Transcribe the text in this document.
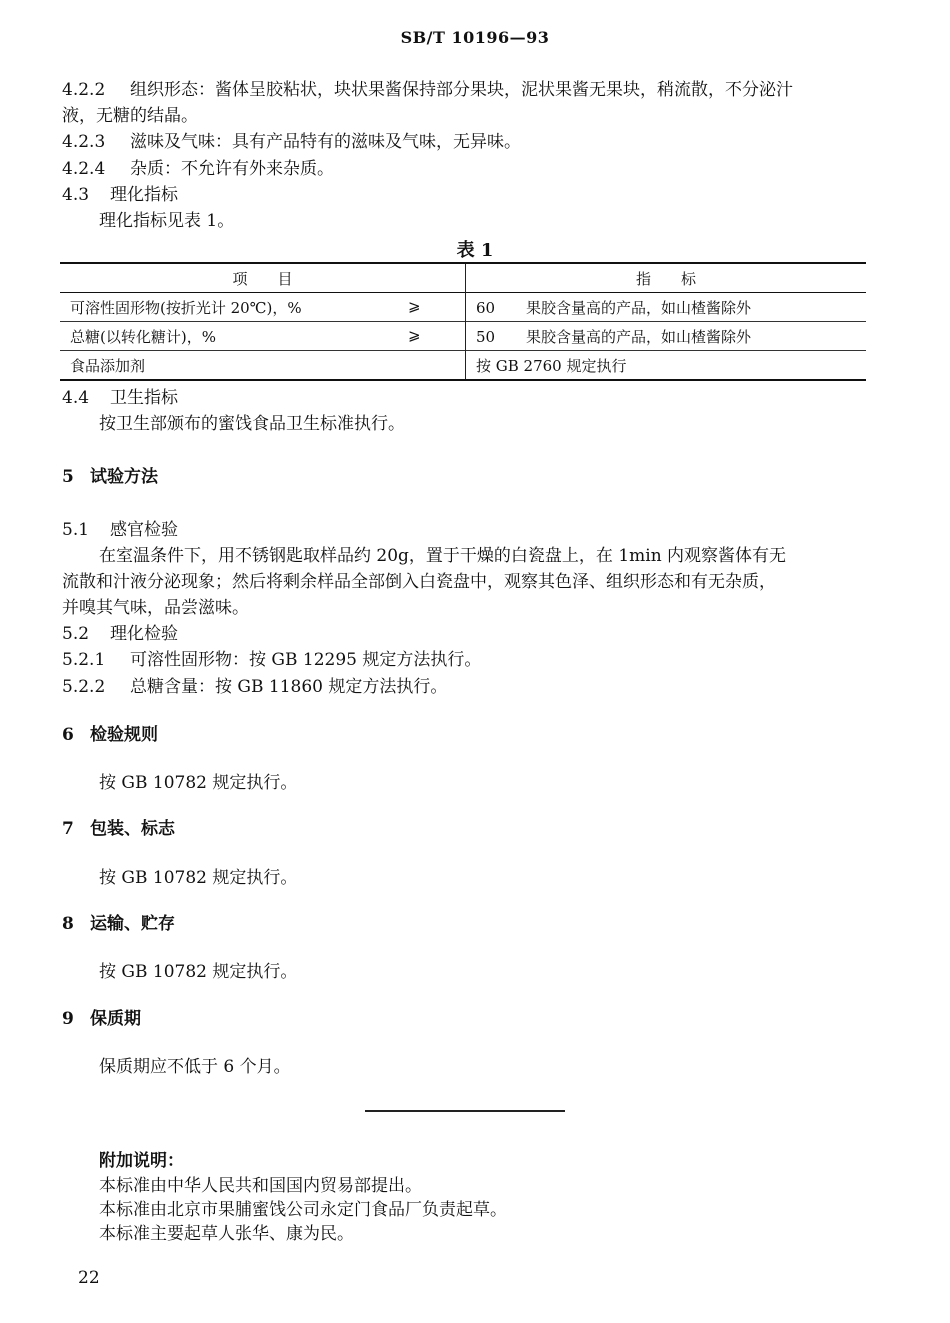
SB/T 10196—93
4.2.2 组织形态：酱体呈胶粘状，块状果酱保持部分果块，泥状果酱无果块，稍流散，不分泌汁
液，无糖的结晶。
4.2.3 滋味及气味：具有产品特有的滋味及气味，无异味。
4.2.4 杂质：不允许有外来杂质。
4.3 理化指标
理化指标见表 1。
表 1
项　　目	指　　标
可溶性固形物(按折光计 20℃)，% ⩾	60 果胶含量高的产品，如山楂酱除外
总糖(以转化糖计)，% ⩾	50 果胶含量高的产品，如山楂酱除外
食品添加剂	按 GB 2760 规定执行
4.4 卫生指标
按卫生部颁布的蜜饯食品卫生标准执行。
5 试验方法
5.1 感官检验
在室温条件下，用不锈钢匙取样品约 20g，置于干燥的白瓷盘上，在 1min 内观察酱体有无
流散和汁液分泌现象；然后将剩余样品全部倒入白瓷盘中，观察其色泽、组织形态和有无杂质，
并嗅其气味，品尝滋味。
5.2 理化检验
5.2.1 可溶性固形物：按 GB 12295 规定方法执行。
5.2.2 总糖含量：按 GB 11860 规定方法执行。
6 检验规则
按 GB 10782 规定执行。
7 包装、标志
按 GB 10782 规定执行。
8 运输、贮存
按 GB 10782 规定执行。
9 保质期
保质期应不低于 6 个月。
附加说明：
本标准由中华人民共和国国内贸易部提出。
本标准由北京市果脯蜜饯公司永定门食品厂负责起草。
本标准主要起草人张华、康为民。
22
